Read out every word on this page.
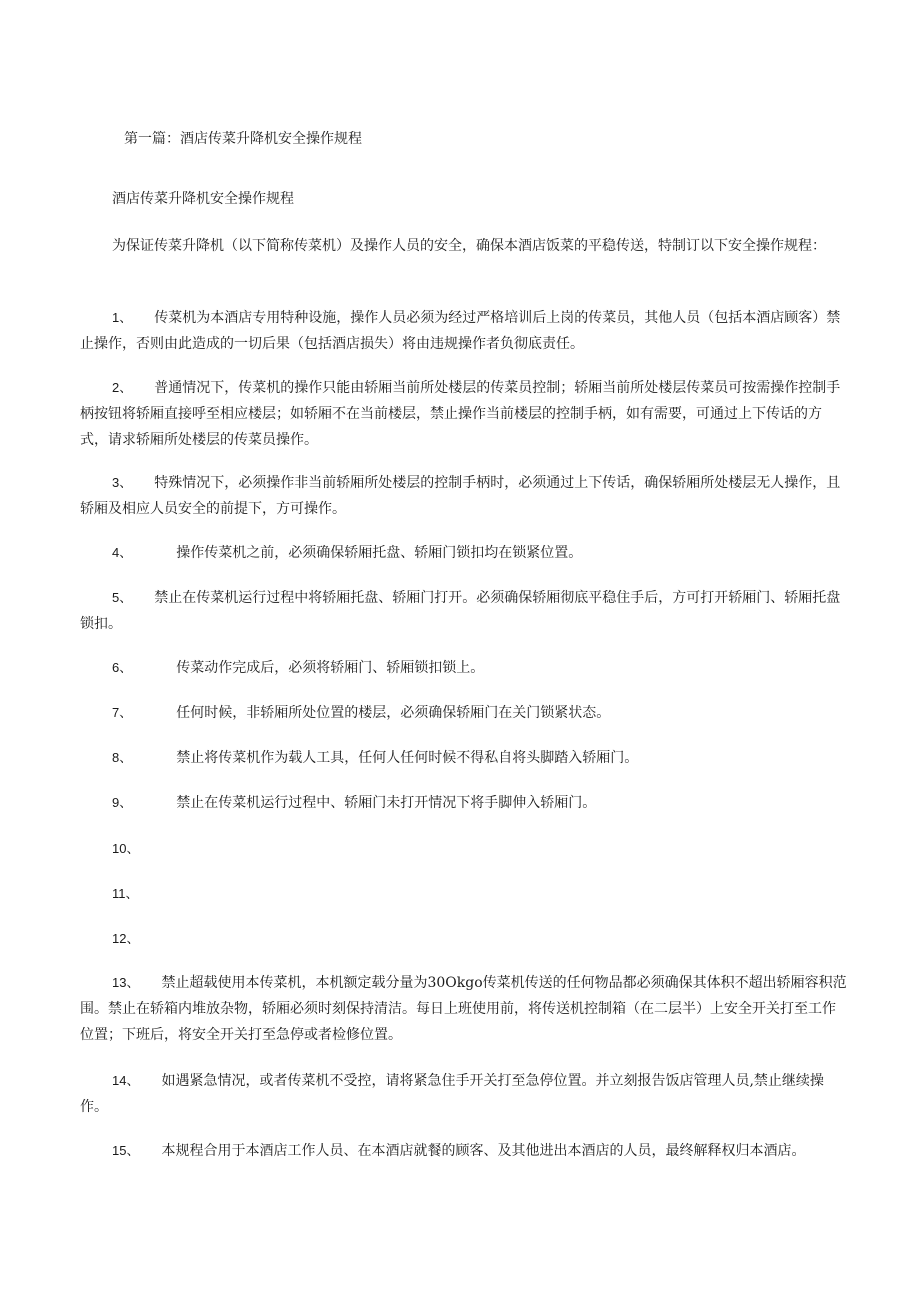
第一篇：酒店传菜升降机安全操作规程
酒店传菜升降机安全操作规程
为保证传菜升降机（以下简称传菜机）及操作人员的安全，确保本酒店饭菜的平稳传送，特制订以下安全操作规程：
1、 传菜机为本酒店专用特种设施，操作人员必须为经过严格培训后上岗的传菜员，其他人员（包括本酒店顾客）禁止操作，否则由此造成的一切后果（包括酒店损失）将由违规操作者负彻底责任。
2、 普通情况下，传菜机的操作只能由轿厢当前所处楼层的传菜员控制；轿厢当前所处楼层传菜员可按需操作控制手柄按钮将轿厢直接呼至相应楼层；如轿厢不在当前楼层，禁止操作当前楼层的控制手柄，如有需要，可通过上下传话的方式，请求轿厢所处楼层的传菜员操作。
3、 特殊情况下，必须操作非当前轿厢所处楼层的控制手柄时，必须通过上下传话，确保轿厢所处楼层无人操作，且轿厢及相应人员安全的前提下，方可操作。
4、	操作传菜机之前，必须确保轿厢托盘、轿厢门锁扣均在锁紧位置。
5、 禁止在传菜机运行过程中将轿厢托盘、轿厢门打开。必须确保轿厢彻底平稳住手后，方可打开轿厢门、轿厢托盘锁扣。
6、	传菜动作完成后，必须将轿厢门、轿厢锁扣锁上。
7、	任何时候，非轿厢所处位置的楼层，必须确保轿厢门在关门锁紧状态。
8、	禁止将传菜机作为载人工具，任何人任何时候不得私自将头脚踏入轿厢门。
9、	禁止在传菜机运行过程中、轿厢门未打开情况下将手脚伸入轿厢门。
10、
11、
12、
13、 禁止超载使用本传菜机，本机额定载分量为30Okgo传菜机传送的任何物品都必须确保其体积不超出轿厢容积范围。禁止在轿箱内堆放杂物，轿厢必须时刻保持清洁。每日上班使用前，将传送机控制箱（在二层半）上安全开关打至工作位置；下班后，将安全开关打至急停或者检修位置。
14、 如遇紧急情况，或者传菜机不受控，请将紧急住手开关打至急停位置。并立刻报告饭店管理人员,禁止继续操作。
15、 本规程合用于本酒店工作人员、在本酒店就餐的顾客、及其他进出本酒店的人员，最终解释权归本酒店。
